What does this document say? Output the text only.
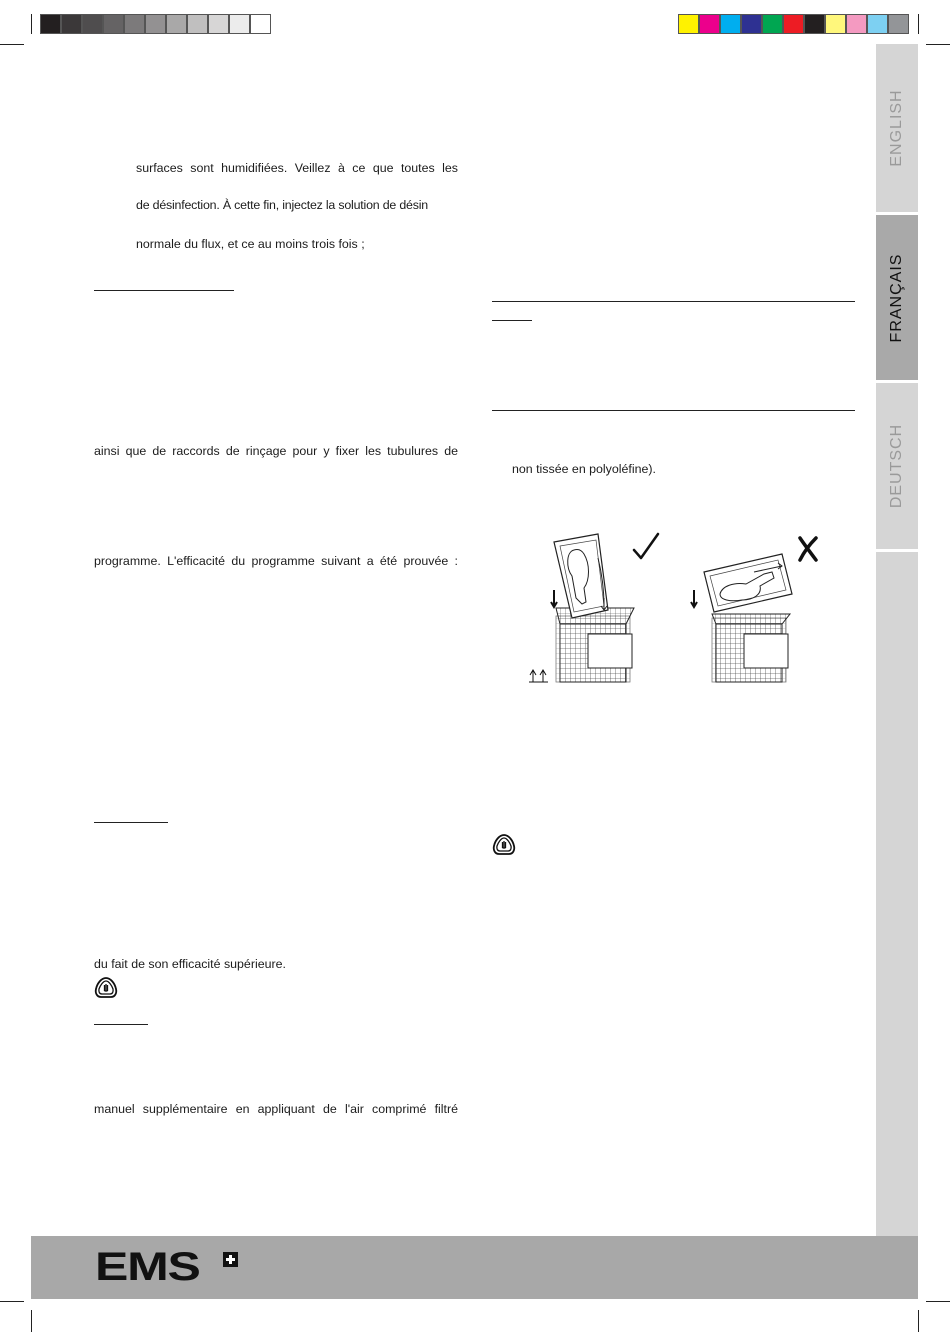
ENGLISH
FRANÇAIS
DEUTSCH
surfaces sont humidifiées. Veillez à ce que toutes les
de désinfection. À cette fin, injectez la solution de désin
normale du flux, et ce au moins trois fois ;
ainsi que de raccords de rinçage pour y fixer les tubulures de
programme. L'efficacité du programme suivant a été prouvée :
du fait de son efficacité supérieure.
manuel supplémentaire en appliquant de l'air comprimé filtré
non tissée en polyoléfine).
EMS
